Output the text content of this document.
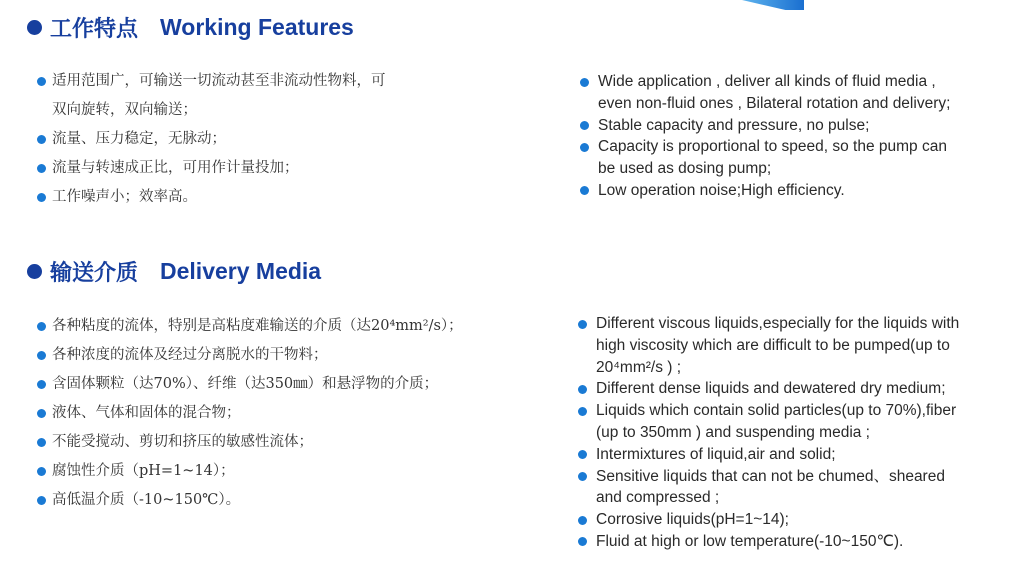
工作特点 Working Features
适用范围广，可输送一切流动甚至非流动性物料，可
双向旋转，双向输送；
流量、压力稳定，无脉动；
流量与转速成正比，可用作计量投加；
工作噪声小；效率高。
Wide application , deliver all kinds of fluid media ,
even non-fluid ones , Bilateral rotation and delivery;
Stable capacity and pressure, no pulse;
Capacity is proportional to speed, so the pump can
be used as dosing pump;
Low operation noise;High efficiency.
输送介质 Delivery Media
各种粘度的流体，特别是高粘度难输送的介质（达20⁴mm²/s）；
各种浓度的流体及经过分离脱水的干物料；
含固体颗粒（达70%）、纤维（达350㎜）和悬浮物的介质；
液体、气体和固体的混合物；
不能受搅动、剪切和挤压的敏感性流体；
腐蚀性介质（pH=1~14）；
高低温介质（-10~150℃）。
Different viscous liquids,especially for the liquids with
high viscosity which are difficult to be pumped(up to
20⁴mm²/s ) ;
Different dense liquids and dewatered dry medium;
Liquids which contain solid particles(up to 70%),fiber
(up to 350mm ) and suspending media ;
Intermixtures of liquid,air and solid;
Sensitive liquids that can not be chumed、sheared
and compressed ;
Corrosive liquids(pH=1~14);
Fluid at high or low temperature(-10~150℃).
